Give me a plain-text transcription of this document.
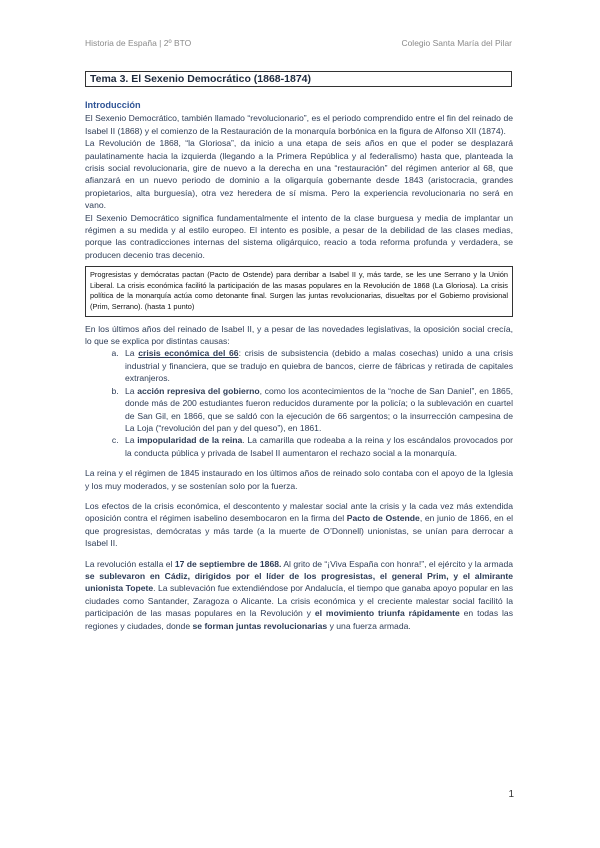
Historia de España | 2º BTO	Colegio Santa María del Pilar
Tema 3. El Sexenio Democrático (1868-1874)

Introducción

El Sexenio Democrático, también llamado “revolucionario”, es el periodo comprendido entre el fin del reinado de Isabel II (1868) y el comienzo de la Restauración de la monarquía borbónica en la figura de Alfonso XII (1874).

La Revolución de 1868, “la Gloriosa”, da inicio a una etapa de seis años en que el poder se desplazará paulatinamente hacia la izquierda (llegando a la Primera República y al federalismo) hasta que, planteada la crisis social revolucionaria, gire de nuevo a la derecha en una “restauración” del régimen anterior al 68, que afianzará en un nuevo periodo de dominio a la oligarquía gobernante desde 1843 (aristocracia, grandes propietarios, alta burguesía), otra vez heredera de sí misma. Pero la experiencia revolucionaria no será en vano.

El Sexenio Democrático significa fundamentalmente el intento de la clase burguesa y media de implantar un régimen a su medida y al estilo europeo. El intento es posible, a pesar de la debilidad de las clases medias, porque las contradicciones internas del sistema oligárquico, reacio a toda reforma profunda y verdadera, se producen decenio tras decenio.

Progresistas y demócratas pactan (Pacto de Ostende) para derribar a Isabel II y, más tarde, se les une Serrano y la Unión Liberal. La crisis económica facilitó la participación de las masas populares en la Revolución de 1868 (La Gloriosa). La crisis política de la monarquía actúa como detonante final. Surgen las juntas revolucionarias, disueltas por el Gobierno provisional (Prim, Serrano). (hasta 1 punto)

En los últimos años del reinado de Isabel II, y a pesar de las novedades legislativas, la oposición social crecía, lo que se explica por distintas causas:

a. La crisis económica del 66: crisis de subsistencia (debido a malas cosechas) unido a una crisis industrial y financiera, que se tradujo en quiebra de bancos, cierre de fábricas y retirada de capitales extranjeros.
b. La acción represiva del gobierno, como los acontecimientos de la “noche de San Daniel”, en 1865, donde más de 200 estudiantes fueron reducidos duramente por la policía; o la sublevación en cuartel de San Gil, en 1866, que se saldó con la ejecución de 66 sargentos; o la insurrección campesina de La Loja (“revolución del pan y del queso”), en 1861.
c. La impopularidad de la reina. La camarilla que rodeaba a la reina y los escándalos provocados por la conducta pública y privada de Isabel II aumentaron el rechazo social a la monarquía.

La reina y el régimen de 1845 instaurado en los últimos años de reinado solo contaba con el apoyo de la Iglesia y los muy moderados, y se sostenían solo por la fuerza.

Los efectos de la crisis económica, el descontento y malestar social ante la crisis y la cada vez más extendida oposición contra el régimen isabelino desembocaron en la firma del Pacto de Ostende, en junio de 1866, en el que progresistas, demócratas y más tarde (a la muerte de O’Donnell) unionistas, se unían para derrocar a Isabel II.

La revolución estalla el 17 de septiembre de 1868. Al grito de “¡Viva España con honra!”, el ejército y la armada se sublevaron en Cádiz, dirigidos por el líder de los progresistas, el general Prim, y el almirante unionista Topete. La sublevación fue extendiéndose por Andalucía, el tiempo que ganaba apoyo popular en las ciudades como Santander, Zaragoza o Alicante. La crisis económica y el creciente malestar social facilitó la participación de las masas populares en la Revolución y el movimiento triunfa rápidamente en todas las regiones y ciudades, donde se forman juntas revolucionarias y una fuerza armada.

1
